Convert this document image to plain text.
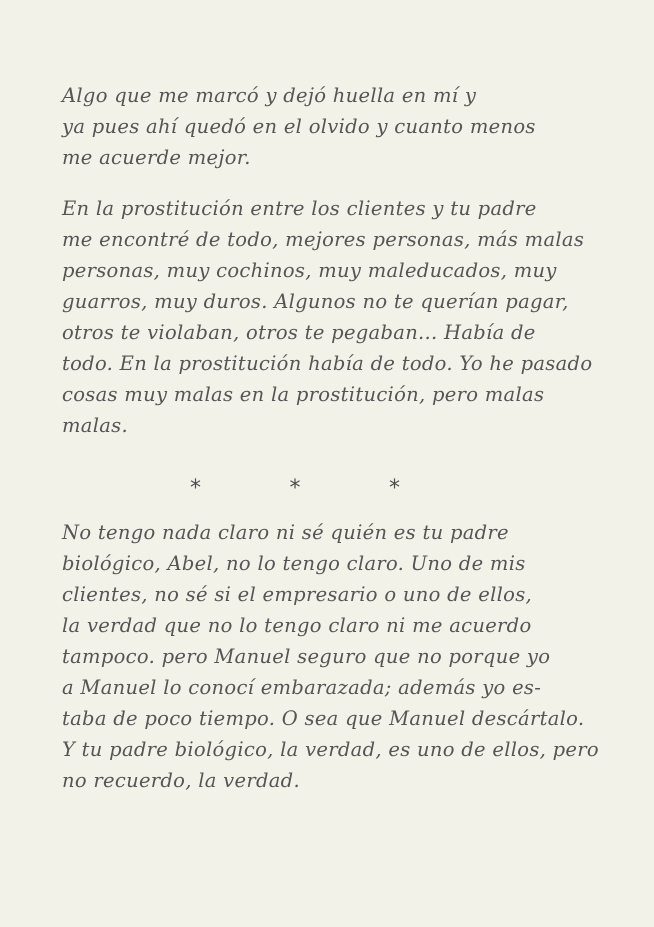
Algo que me marcó y dejó huella en mí y
ya pues ahí quedó en el olvido y cuanto menos
me acuerde mejor.
En la prostitución entre los clientes y tu padre
me encontré de todo, mejores personas, más malas
personas, muy cochinos, muy maleducados, muy
guarros, muy duros. Algunos no te querían pagar,
otros te violaban, otros te pegaban... Había de
todo. En la prostitución había de todo. Yo he pasado
cosas muy malas en la prostitución, pero malas
malas.
*	*	*
No tengo nada claro ni sé quién es tu padre
biológico, Abel, no lo tengo claro. Uno de mis
clientes, no sé si el empresario o uno de ellos,
la verdad que no lo tengo claro ni me acuerdo
tampoco. pero Manuel seguro que no porque yo
a Manuel lo conocí embarazada; además yo es-
taba de poco tiempo. O sea que Manuel descártalo.
Y tu padre biológico, la verdad, es uno de ellos, pero
no recuerdo, la verdad.
